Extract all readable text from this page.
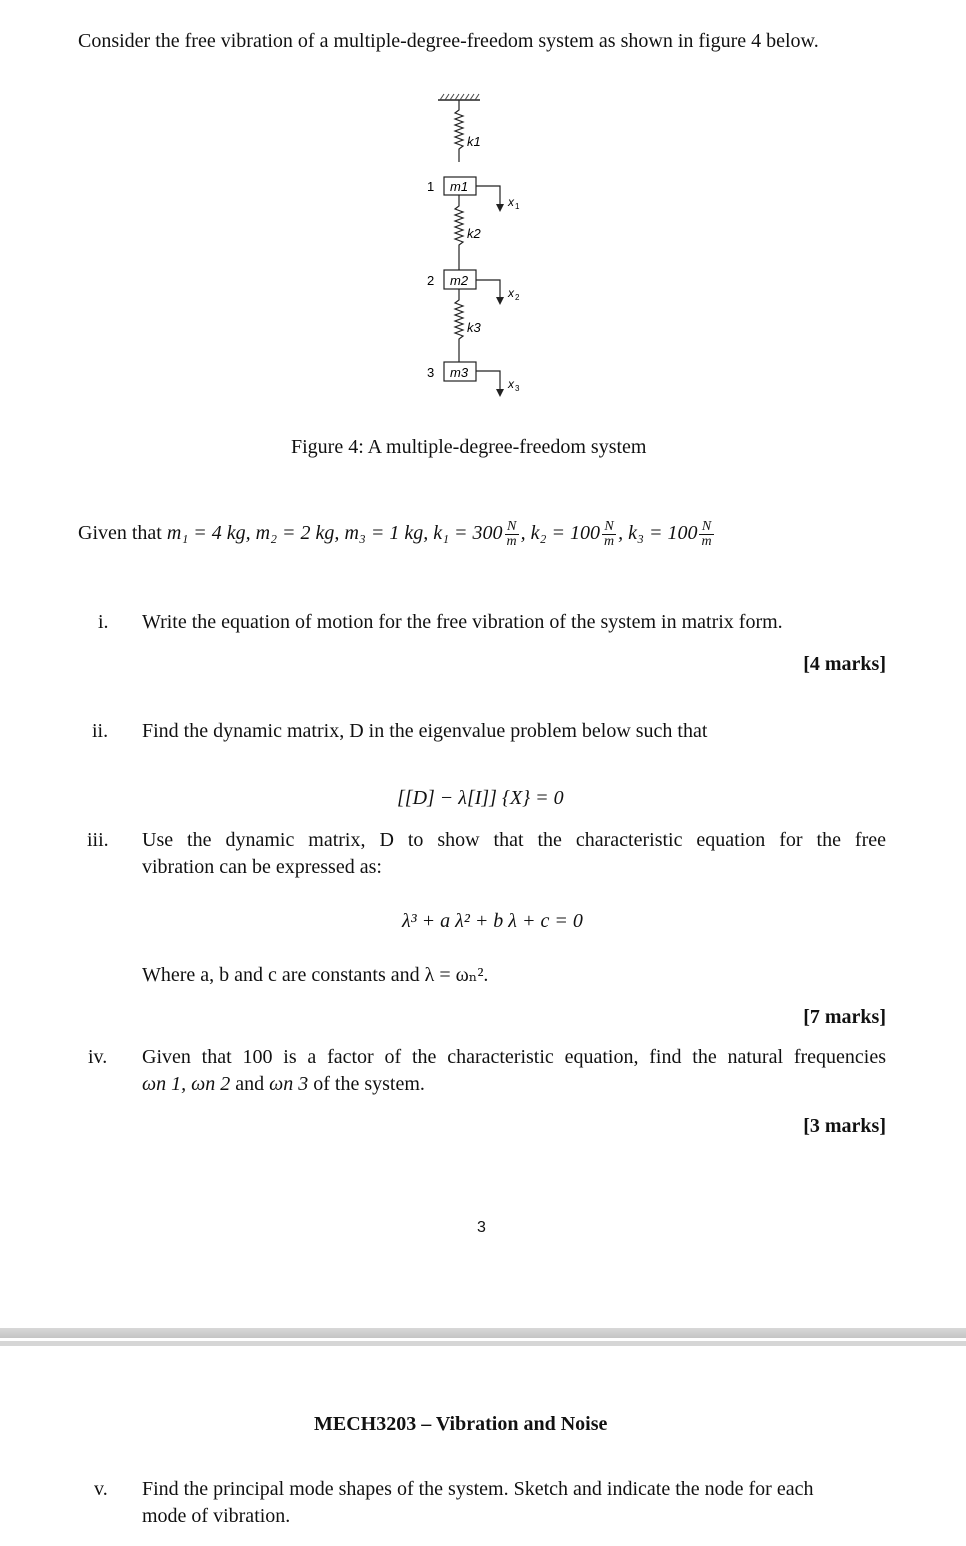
Consider the free vibration of a multiple-degree-freedom system as shown in figure 4 below.
k1
m1
1
x 1
k2
m2
2
x 2
k3
m3
3
x 3
Figure 4: A multiple-degree-freedom system
Given that m₁ = 4 kg, m₂ = 2 kg, m₃ = 1 kg, $k_1 = 300 \frac{N}{m}$ , $k_2 = 100 \frac{N}{m}$ , $k_3 = 100 \frac{N}{m}$
i. Write the equation of motion for the free vibration of the system in matrix form.
[4 marks]
ii. Find the dynamic matrix, D in the eigenvalue problem below such that
[[D] − λ[I]] {X} = 0
iii. Use the dynamic matrix, D to show that the characteristic equation for the free
vibration can be expressed as:
λ³ + a λ² + b λ + c = 0
Where a, b and c are constants and λ = ωₙ².
[7 marks]
iv. Given that 100 is a factor of the characteristic equation, find the natural frequencies
ωn 1, ωn 2 and ωn 3 of the system.
[3 marks]
3
MECH3203 – Vibration and Noise
v. Find the principal mode shapes of the system. Sketch and indicate the node for each
mode of vibration.
